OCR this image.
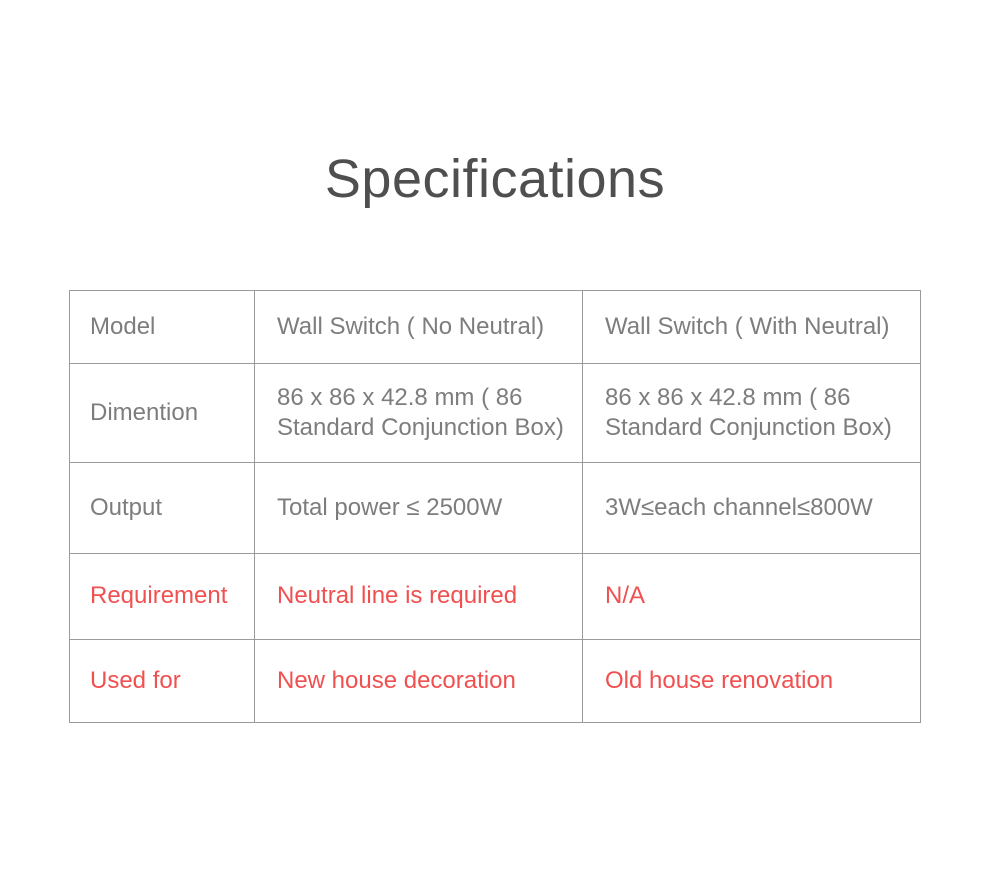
Specifications
Model	Wall Switch ( No Neutral)	Wall Switch ( With Neutral)
Dimention	86 x 86 x 42.8 mm ( 86 Standard Conjunction Box)	86 x 86 x 42.8 mm ( 86 Standard Conjunction Box)
Output	Total power ≤ 2500W	3W≤each channel≤800W
Requirement	Neutral line is required	N/A
Used for	New house decoration	Old house renovation
